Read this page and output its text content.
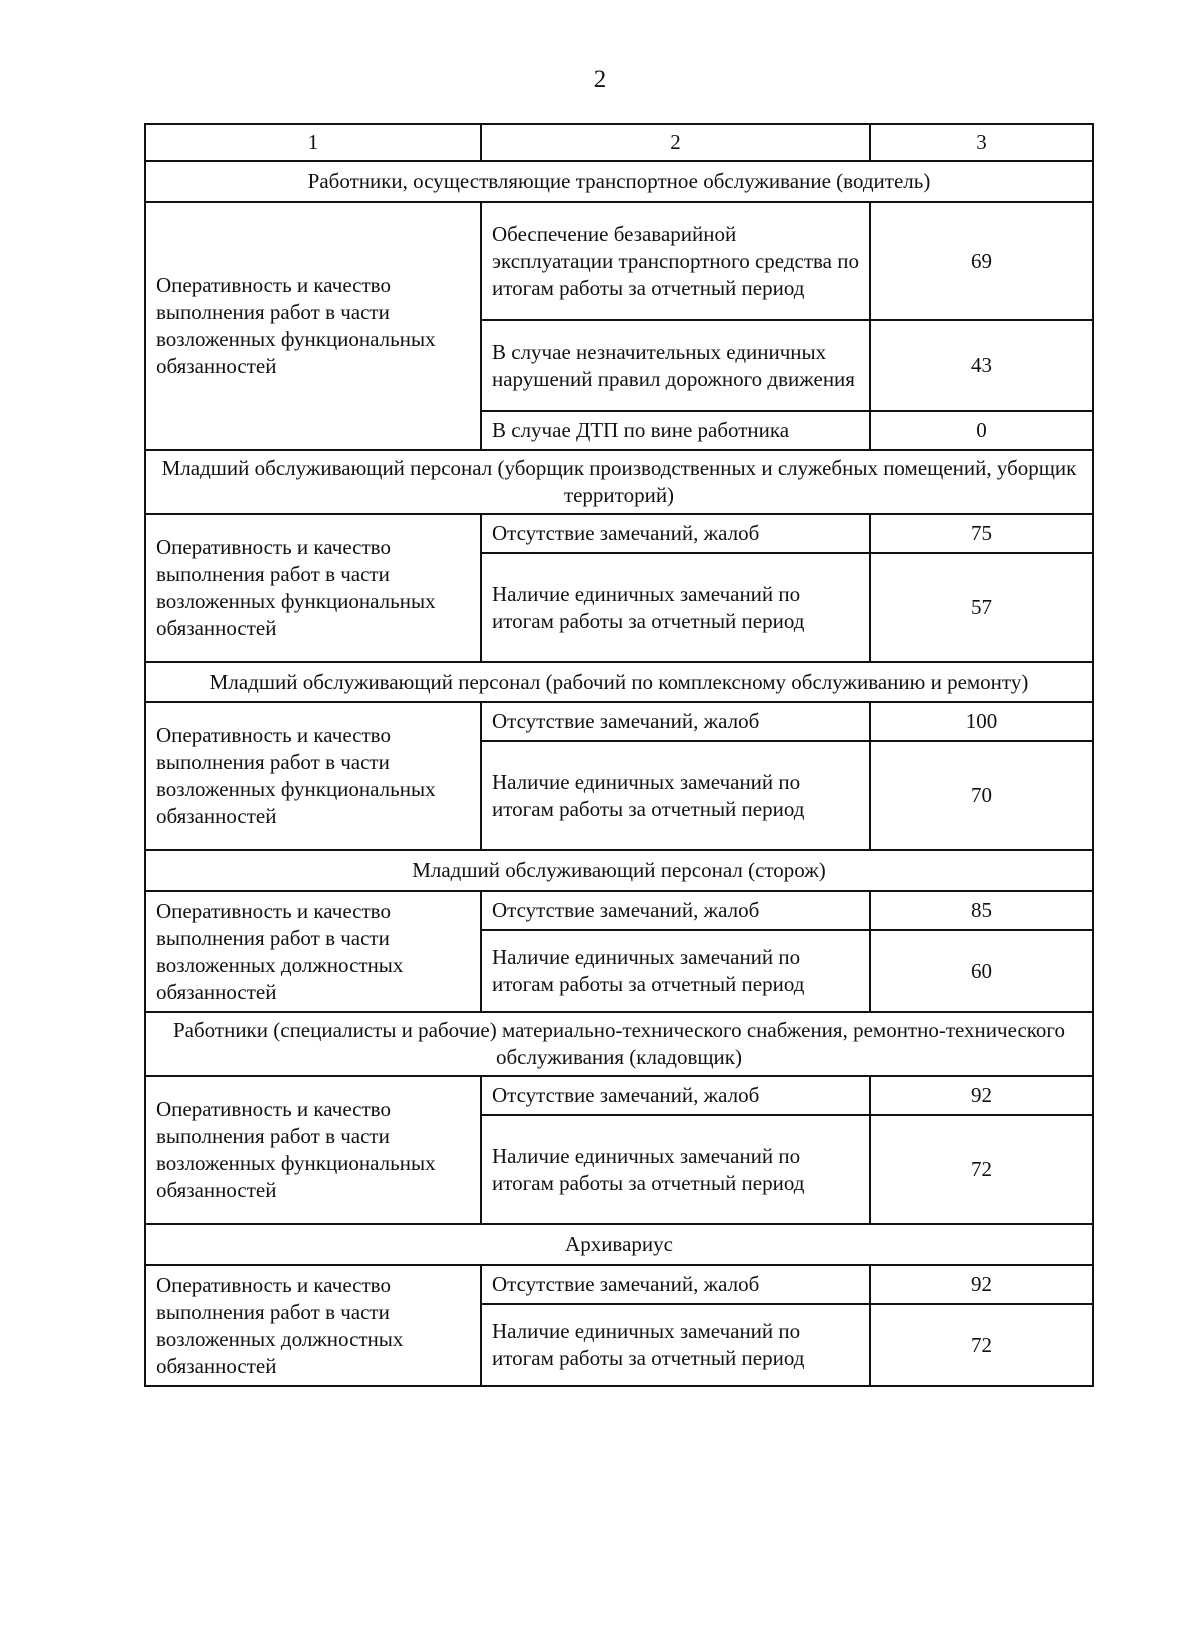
2
1	2	3
Работники, осуществляющие транспортное обслуживание (водитель)		
Оперативность и качество выполнения работ в части возложенных функциональных обязанностей	Обеспечение безаварийной эксплуатации транспортного средства по итогам работы за отчетный период	69
	В случае незначительных единичных нарушений правил дорожного движения	43
	В случае ДТП по вине работника	0
Младший обслуживающий персонал (уборщик производственных и служебных помещений, уборщик территорий)		
Оперативность и качество выполнения работ в части возложенных функциональных обязанностей	Отсутствие замечаний, жалоб	75
	Наличие единичных замечаний по итогам работы за отчетный период	57
Младший обслуживающий персонал (рабочий по комплексному обслуживанию и ремонту)		
Оперативность и качество выполнения работ в части возложенных функциональных обязанностей	Отсутствие замечаний, жалоб	100
	Наличие единичных замечаний по итогам работы за отчетный период	70
Младший обслуживающий персонал (сторож)		
Оперативность и качество выполнения работ в части возложенных должностных обязанностей	Отсутствие замечаний, жалоб	85
	Наличие единичных замечаний по итогам работы за отчетный период	60
Работники (специалисты и рабочие) материально-технического снабжения, ремонтно-технического обслуживания (кладовщик)		
Оперативность и качество выполнения работ в части возложенных функциональных обязанностей	Отсутствие замечаний, жалоб	92
	Наличие единичных замечаний по итогам работы за отчетный период	72
Архивариус		
Оперативность и качество выполнения работ в части возложенных должностных обязанностей	Отсутствие замечаний, жалоб	92
	Наличие единичных замечаний по итогам работы за отчетный период	72
